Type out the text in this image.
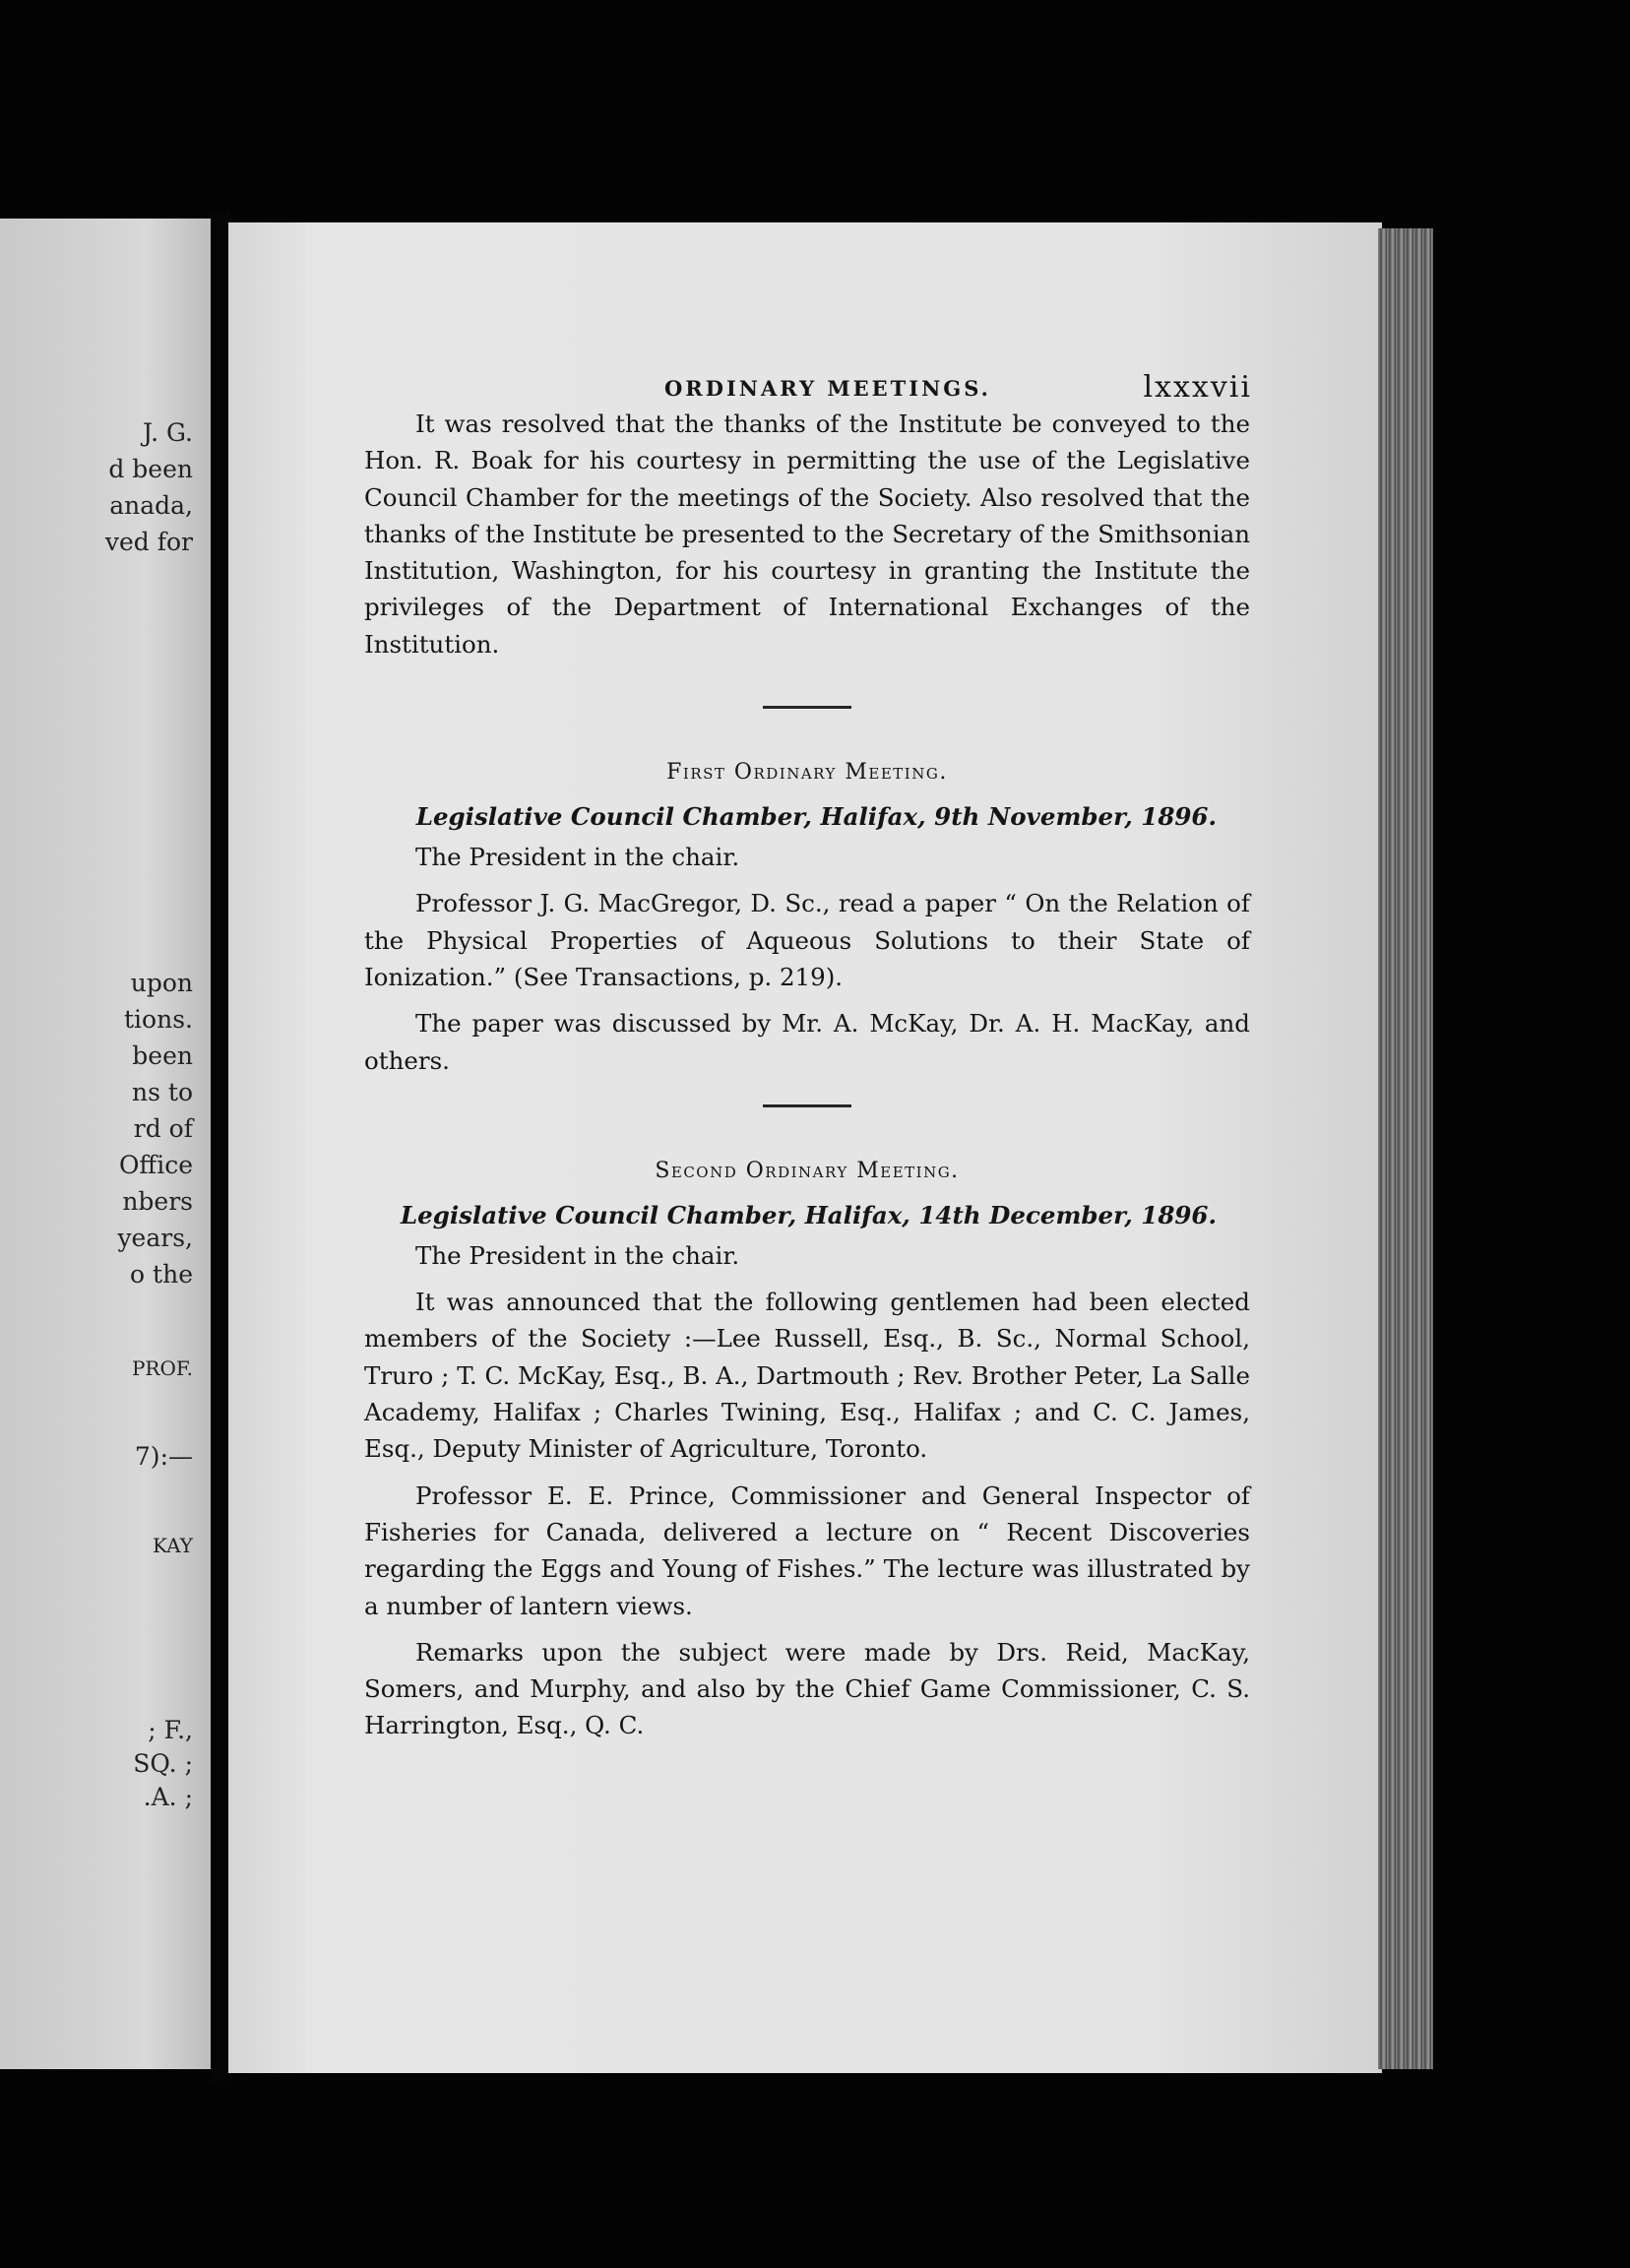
J. G.
d been
anada,
ved for
upon
tions.
been
ns to
rd of
Office
nbers
years,
o the
PROF.
7):—
KAY
; F.,
SQ. ;
.A. ;
ORDINARY MEETINGS.	lxxxvii

It was resolved that the thanks of the Institute be conveyed to the Hon. R. Boak for his courtesy in permitting the use of the Legislative Council Chamber for the meetings of the Society. Also resolved that the thanks of the Institute be presented to the Secretary of the Smithsonian Institution, Washington, for his courtesy in granting the Institute the privileges of the Department of International Exchanges of the Institution.

First Ordinary Meeting.

Legislative Council Chamber, Halifax, 9th November, 1896.

The President in the chair.

Professor J. G. MacGregor, D. Sc., read a paper “ On the Relation of the Physical Properties of Aqueous Solutions to their State of Ionization.” (See Transactions, p. 219).

The paper was discussed by Mr. A. McKay, Dr. A. H. MacKay, and others.

Second Ordinary Meeting.

Legislative Council Chamber, Halifax, 14th December, 1896.

The President in the chair.

It was announced that the following gentlemen had been elected members of the Society :—Lee Russell, Esq., B. Sc., Normal School, Truro ; T. C. McKay, Esq., B. A., Dartmouth ; Rev. Brother Peter, La Salle Academy, Halifax ; Charles Twining, Esq., Halifax ; and C. C. James, Esq., Deputy Minister of Agriculture, Toronto.

Professor E. E. Prince, Commissioner and General Inspector of Fisheries for Canada, delivered a lecture on “ Recent Discoveries regarding the Eggs and Young of Fishes.” The lecture was illustrated by a number of lantern views.

Remarks upon the subject were made by Drs. Reid, MacKay, Somers, and Murphy, and also by the Chief Game Commissioner, C. S. Harrington, Esq., Q. C.
